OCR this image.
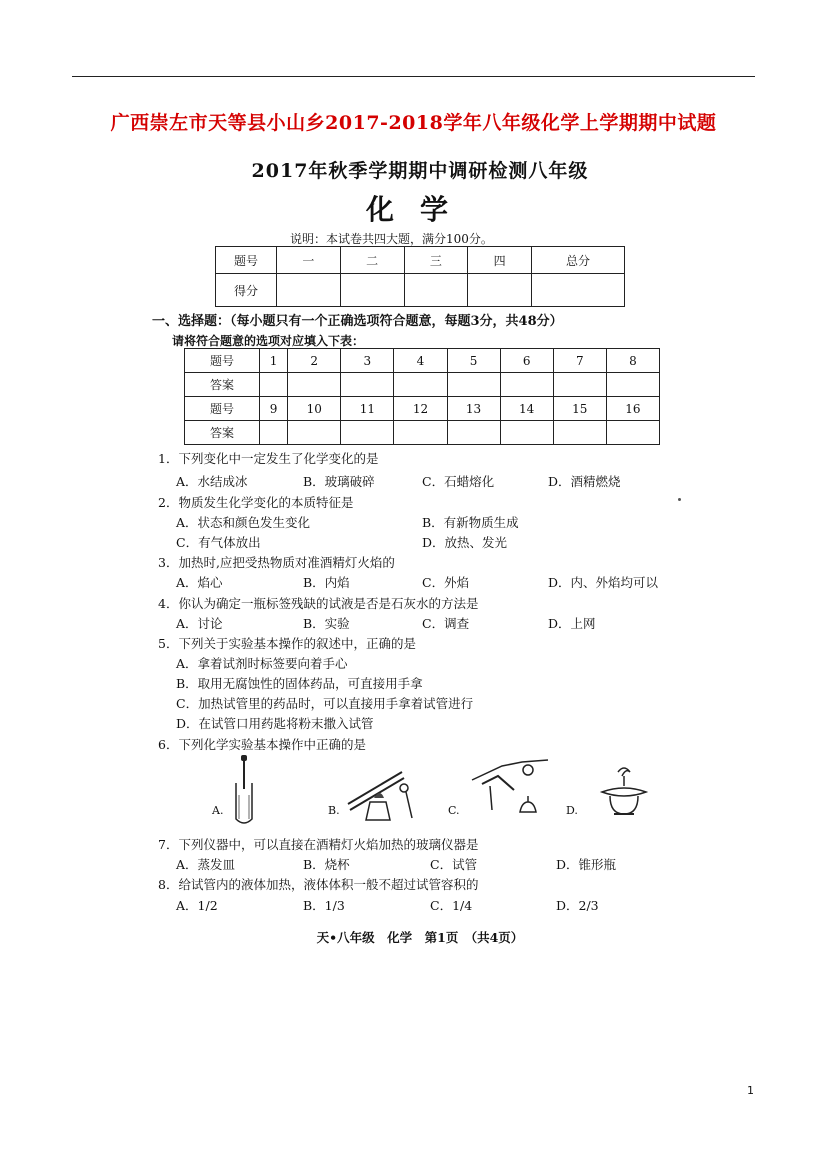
广西崇左市天等县小山乡2017-2018学年八年级化学上学期期中试题
2017年秋季学期期中调研检测八年级
化学
说明：本试卷共四大题，满分100分。
题号	一	二	三	四	总分
得分					
一、选择题：（每小题只有一个正确选项符合题意，每题3分，共48分）
请将符合题意的选项对应填入下表：
题号	1	2	3	4	5	6	7	8
答案								
题号	9	10	11	12	13	14	15	16
答案								
1．下列变化中一定发生了化学变化的是
A．水结成冰	B．玻璃破碎	C．石蜡熔化	D．酒精燃烧
2．物质发生化学变化的本质特征是
A．状态和颜色发生变化	B．有新物质生成
C．有气体放出	D．放热、发光
3．加热时,应把受热物质对准酒精灯火焰的
A．焰心	B．内焰	C．外焰	D．内、外焰均可以
4．你认为确定一瓶标签残缺的试液是否是石灰水的方法是
A．讨论	B．实验	C．调查	D．上网
5．下列关于实验基本操作的叙述中，正确的是
A．拿着试剂时标签要向着手心
B．取用无腐蚀性的固体药品，可直接用手拿
C．加热试管里的药品时，可以直接用手拿着试管进行
D．在试管口用药匙将粉末撒入试管
6．下列化学实验基本操作中正确的是
A.	B.	C.	D.
7．下列仪器中，可以直接在酒精灯火焰加热的玻璃仪器是
A．蒸发皿	B．烧杯	C．试管	D．锥形瓶
8．给试管内的液体加热，液体体积一般不超过试管容积的
A．1/2	B．1/3	C．1/4	D．2/3
天•八年级　化学　第1页　（共4页）
1
